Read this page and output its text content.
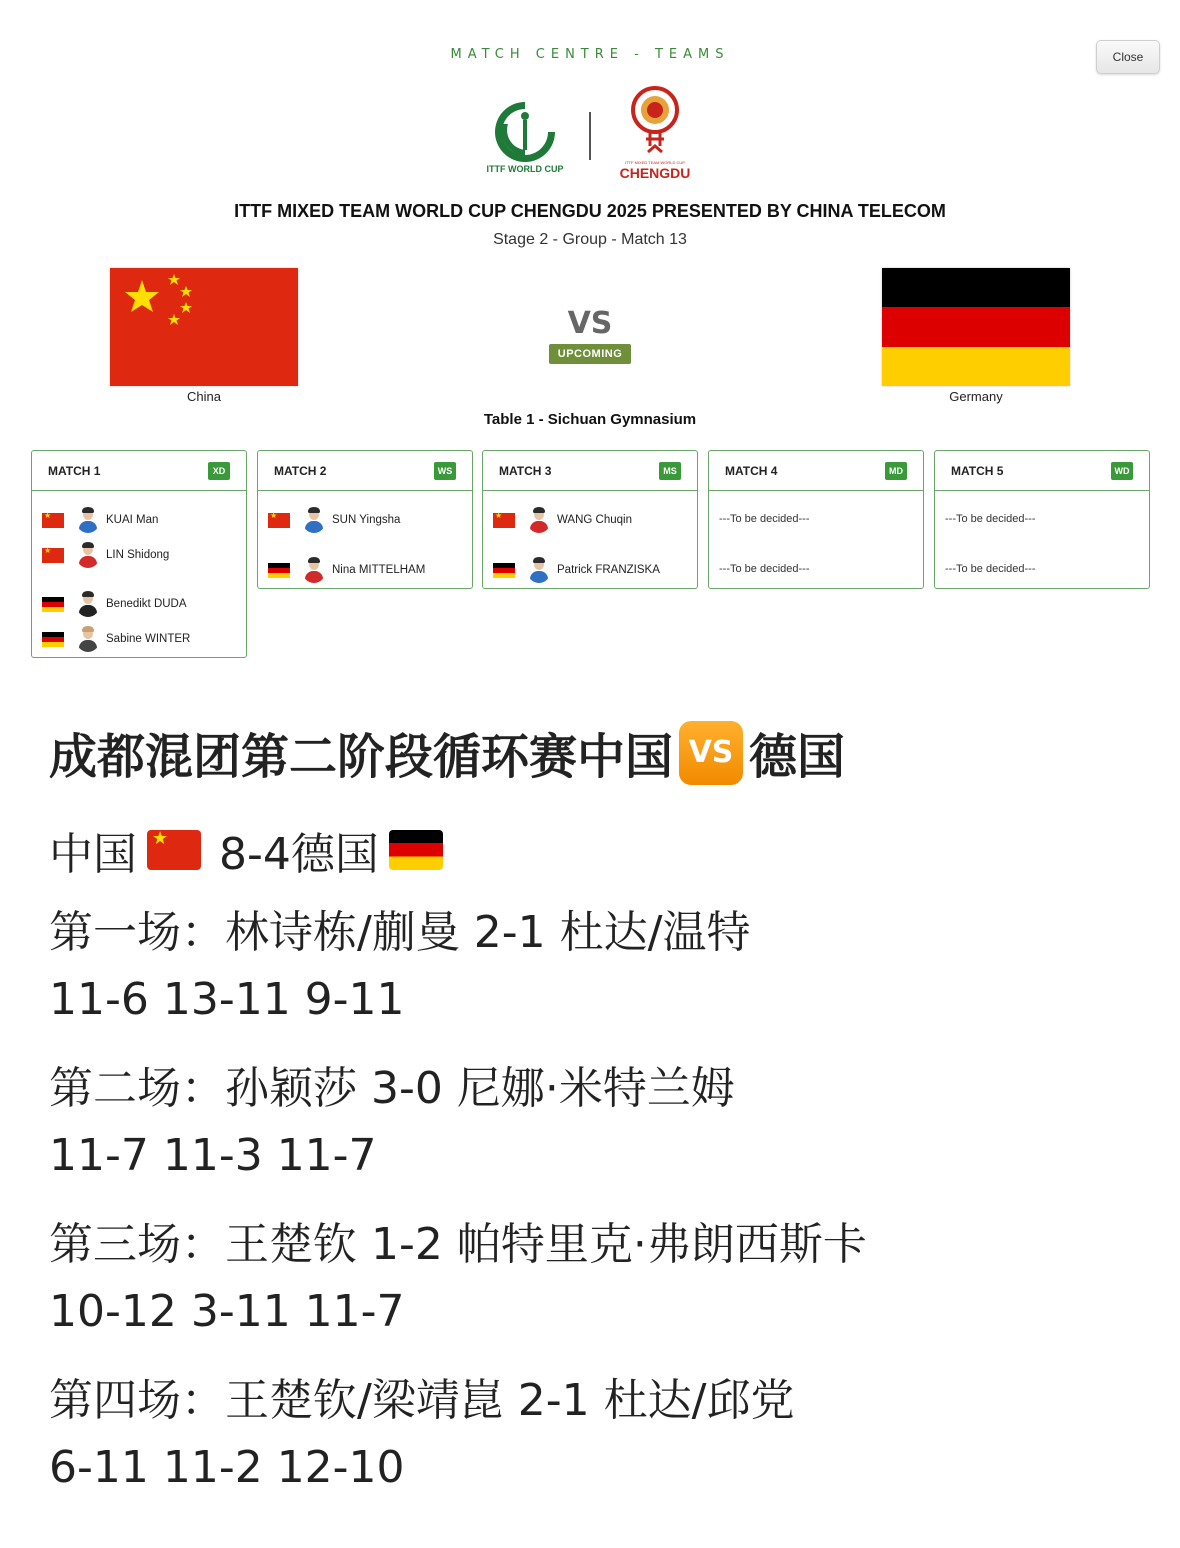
MATCH CENTRE - TEAMS	Close
ITTF WORLD CUP
ITTF MIXED TEAM WORLD CUP
CHENGDU
ITTF MIXED TEAM WORLD CUP CHENGDU 2025 PRESENTED BY CHINA TELECOM
Stage 2 - Group - Match 13
China
VS
UPCOMING
Germany
Table 1 - Sichuan Gymnasium
MATCH 1	XD
★
KUAI Man
★
LIN Shidong
Benedikt DUDA
Sabine WINTER
MATCH 2	WS
★
SUN Yingsha
Nina MITTELHAM
MATCH 3	MS
★
WANG Chuqin
Patrick FRANZISKA
MATCH 4	MD
---To be decided---
---To be decided---
MATCH 5	WD
---To be decided---
---To be decided---
成都混团第二阶段循环赛中国 VS 德国
中国
★ 8-4德国
第一场：林诗栋/蒯曼 2-1 杜达/温特
11-6 13-11 9-11
第二场：孙颖莎 3-0 尼娜·米特兰姆
11-7 11-3 11-7
第三场：王楚钦 1-2 帕特里克·弗朗西斯卡
10-12 3-11 11-7
第四场：王楚钦/梁靖崑 2-1 杜达/邱党
6-11 11-2 12-10
